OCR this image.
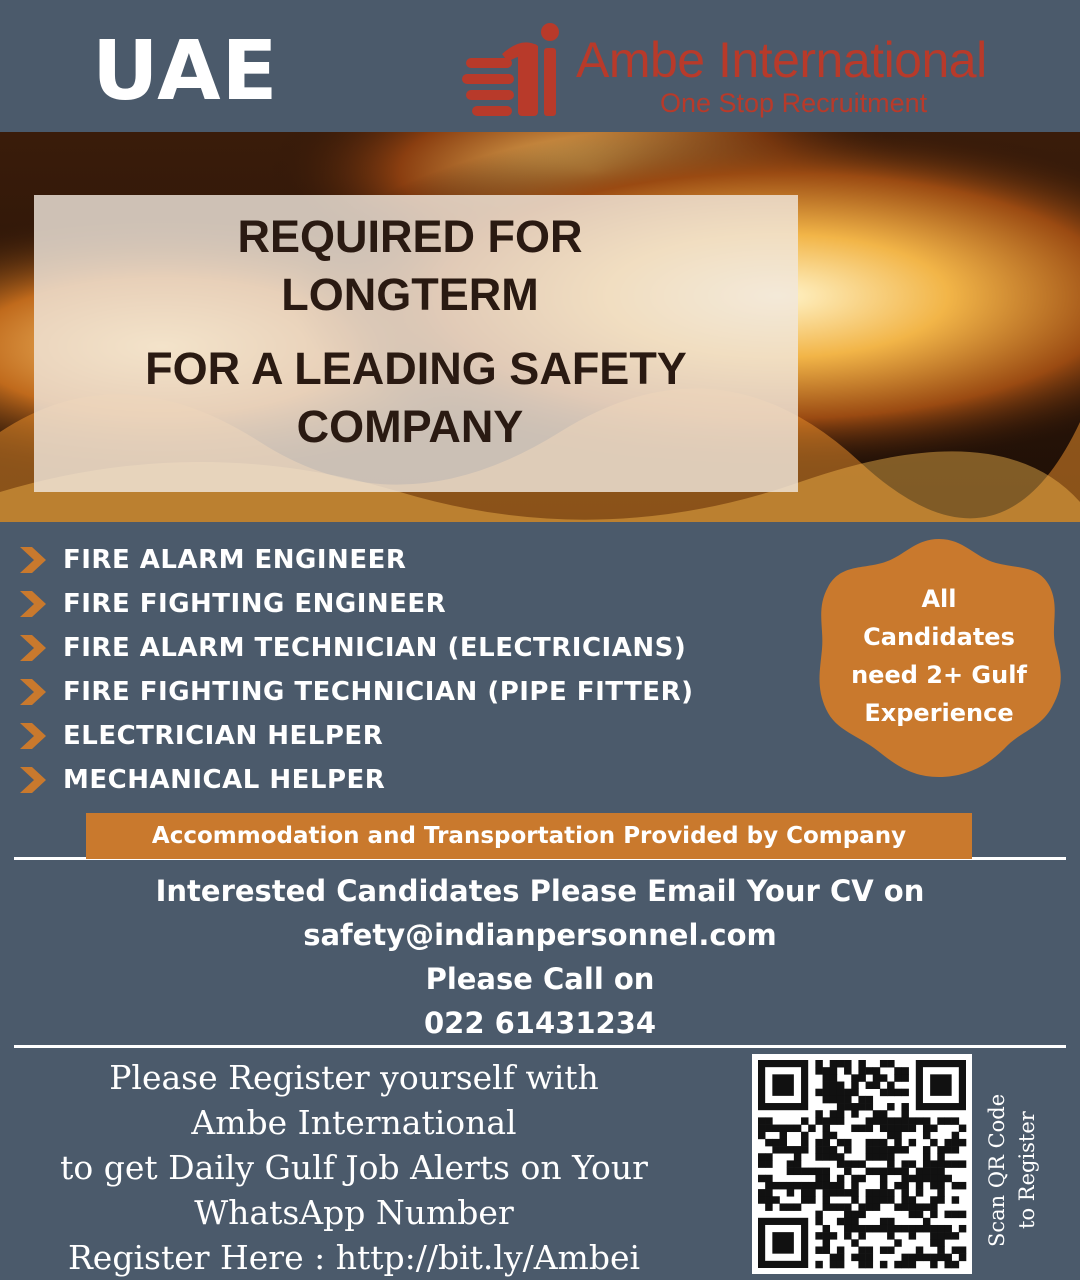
UAE	Ambe International
One Stop Recruitment
REQUIRED FOR
LONGTERM
FOR A LEADING SAFETY
COMPANY
FIRE ALARM ENGINEER
FIRE FIGHTING ENGINEER
FIRE ALARM TECHNICIAN (ELECTRICIANS)
FIRE FIGHTING TECHNICIAN (PIPE FITTER)
ELECTRICIAN HELPER
MECHANICAL HELPER
All
Candidates
need 2+ Gulf
Experience
Accommodation and Transportation Provided by Company
Interested Candidates Please Email Your CV on
safety@indianpersonnel.com
Please Call on
022 61431234
Please Register yourself with
Ambe International
to get Daily Gulf Job Alerts on Your
WhatsApp Number
Register Here : http://bit.ly/Ambei
Scan QR Code to Register
